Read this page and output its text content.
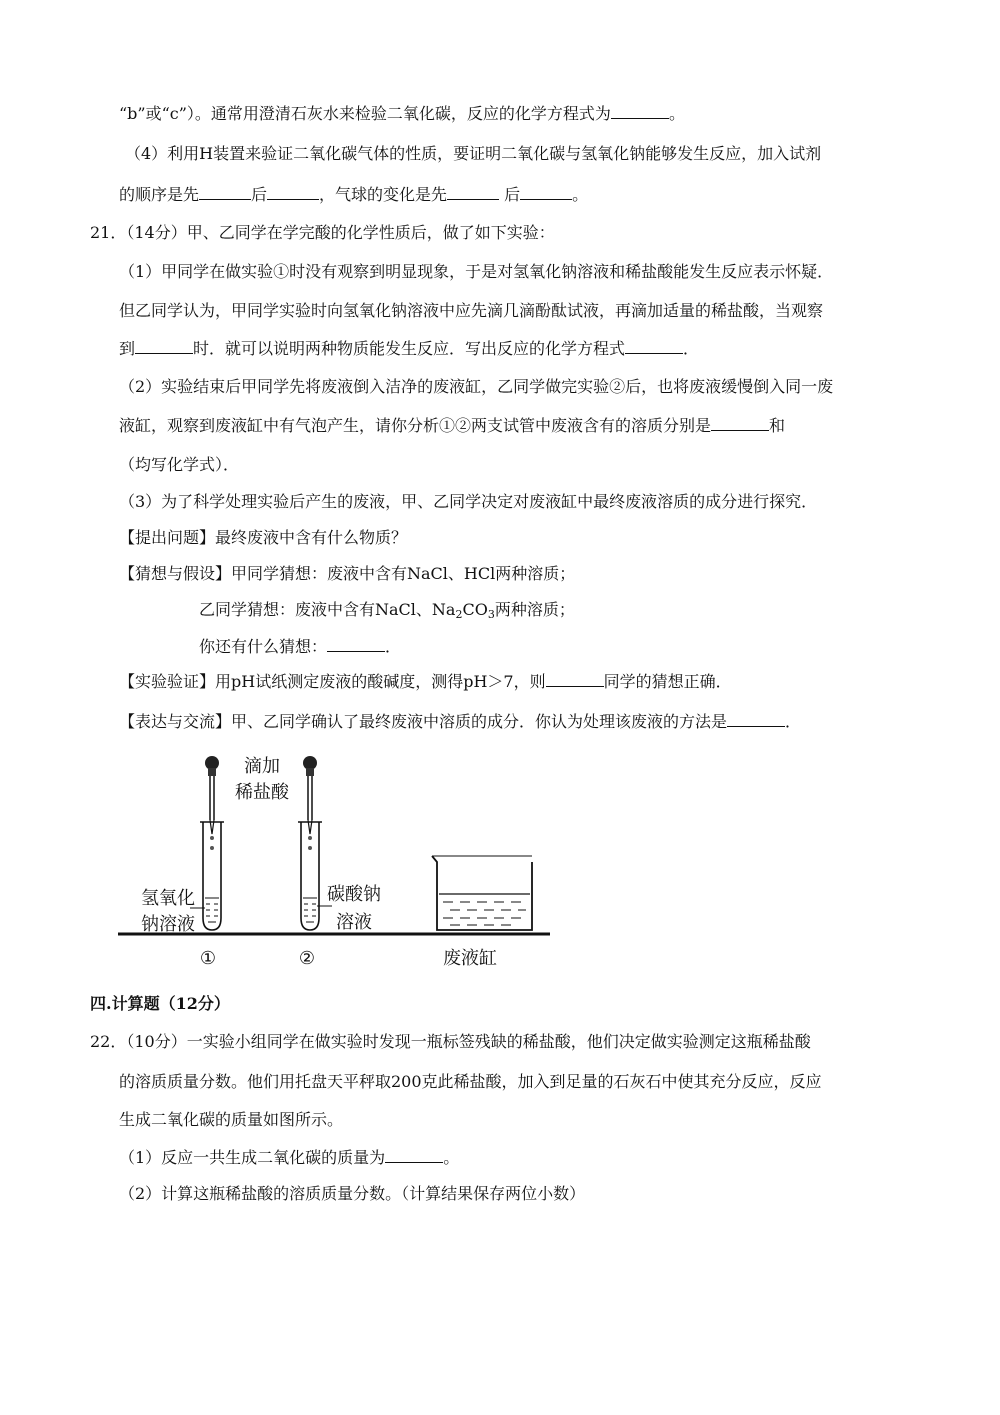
“b”或“c”）。通常用澄清石灰水来检验二氧化碳，反应的化学方程式为	。
（4）利用H装置来验证二氧化碳气体的性质，要证明二氧化碳与氢氧化钠能够发生反应，加入试剂
的顺序是先	后	，气球的变化是先	后	。
21．（14分）甲、乙同学在学完酸的化学性质后，做了如下实验：
（1）甲同学在做实验①时没有观察到明显现象，于是对氢氧化钠溶液和稀盐酸能发生反应表示怀疑．
但乙同学认为，甲同学实验时向氢氧化钠溶液中应先滴几滴酚酞试液，再滴加适量的稀盐酸，当观察
到	时．就可以说明两种物质能发生反应．写出反应的化学方程式	．
（2）实验结束后甲同学先将废液倒入洁净的废液缸，乙同学做完实验②后，也将废液缓慢倒入同一废
液缸，观察到废液缸中有气泡产生，请你分析①②两支试管中废液含有的溶质分别是	和
（均写化学式）．
（3）为了科学处理实验后产生的废液，甲、乙同学决定对废液缸中最终废液溶质的成分进行探究．
【提出问题】最终废液中含有什么物质？
【猜想与假设】甲同学猜想：废液中含有NaCl、HCl两种溶质；
乙同学猜想：废液中含有NaCl、$Na_2CO_3$两种溶质；
你还有什么猜想：	．
【实验验证】用pH试纸测定废液的酸碱度，测得pH＞7，则	同学的猜想正确．
【表达与交流】甲、乙同学确认了最终废液中溶质的成分．你认为处理该废液的方法是	．
滴加
稀盐酸
氢氧化
钠溶液
碳酸钠
溶液
①	②	废液缸
四.计算题（12分）
22．（10分）一实验小组同学在做实验时发现一瓶标签残缺的稀盐酸，他们决定做实验测定这瓶稀盐酸
的溶质质量分数。他们用托盘天平秤取200克此稀盐酸，加入到足量的石灰石中使其充分反应，反应
生成二氧化碳的质量如图所示。
（1）反应一共生成二氧化碳的质量为	。
（2）计算这瓶稀盐酸的溶质质量分数。（计算结果保存两位小数）
